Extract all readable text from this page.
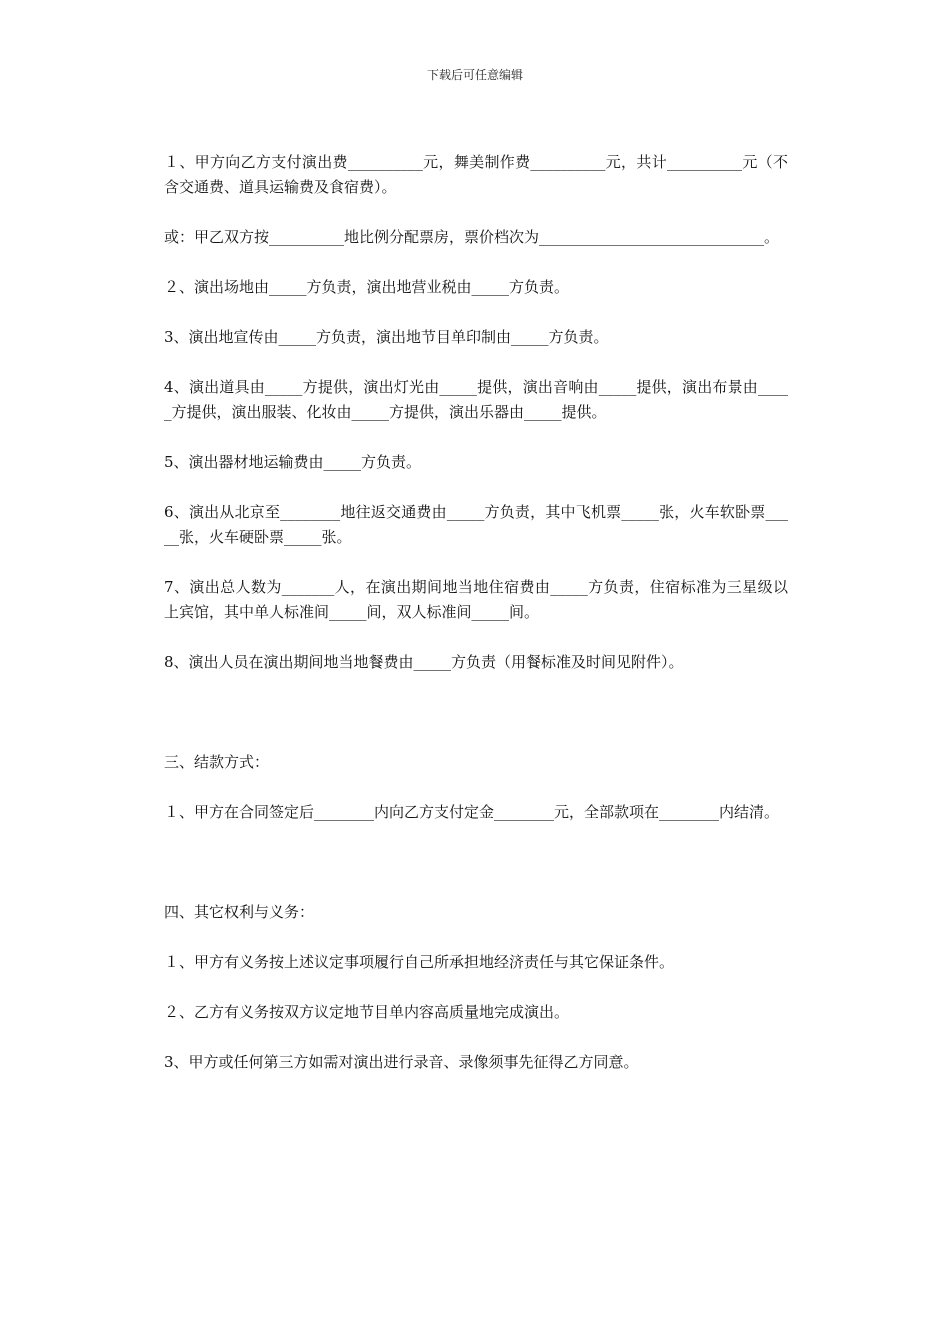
下载后可任意编辑

１、甲方向乙方支付演出费__________元，舞美制作费__________元，共计__________元（不含交通费、道具运输费及食宿费）。

或：甲乙双方按__________地比例分配票房，票价档次为______________________________。

２、演出场地由_____方负责，演出地营业税由_____方负责。

3、演出地宣传由_____方负责，演出地节目单印制由_____方负责。

4、演出道具由_____方提供，演出灯光由_____提供，演出音响由_____提供，演出布景由_____方提供，演出服装、化妆由_____方提供，演出乐器由_____提供。

5、演出器材地运输费由_____方负责。

6、演出从北京至________地往返交通费由_____方负责，其中飞机票_____张，火车软卧票_____张，火车硬卧票_____张。

7、演出总人数为_______人，在演出期间地当地住宿费由_____方负责，住宿标准为三星级以上宾馆，其中单人标准间_____间，双人标准间_____间。

8、演出人员在演出期间地当地餐费由_____方负责（用餐标准及时间见附件）。

三、结款方式：

１、甲方在合同签定后________内向乙方支付定金________元，全部款项在________内结清。

四、其它权利与义务：

１、甲方有义务按上述议定事项履行自己所承担地经济责任与其它保证条件。

２、乙方有义务按双方议定地节目单内容高质量地完成演出。

3、甲方或任何第三方如需对演出进行录音、录像须事先征得乙方同意。
